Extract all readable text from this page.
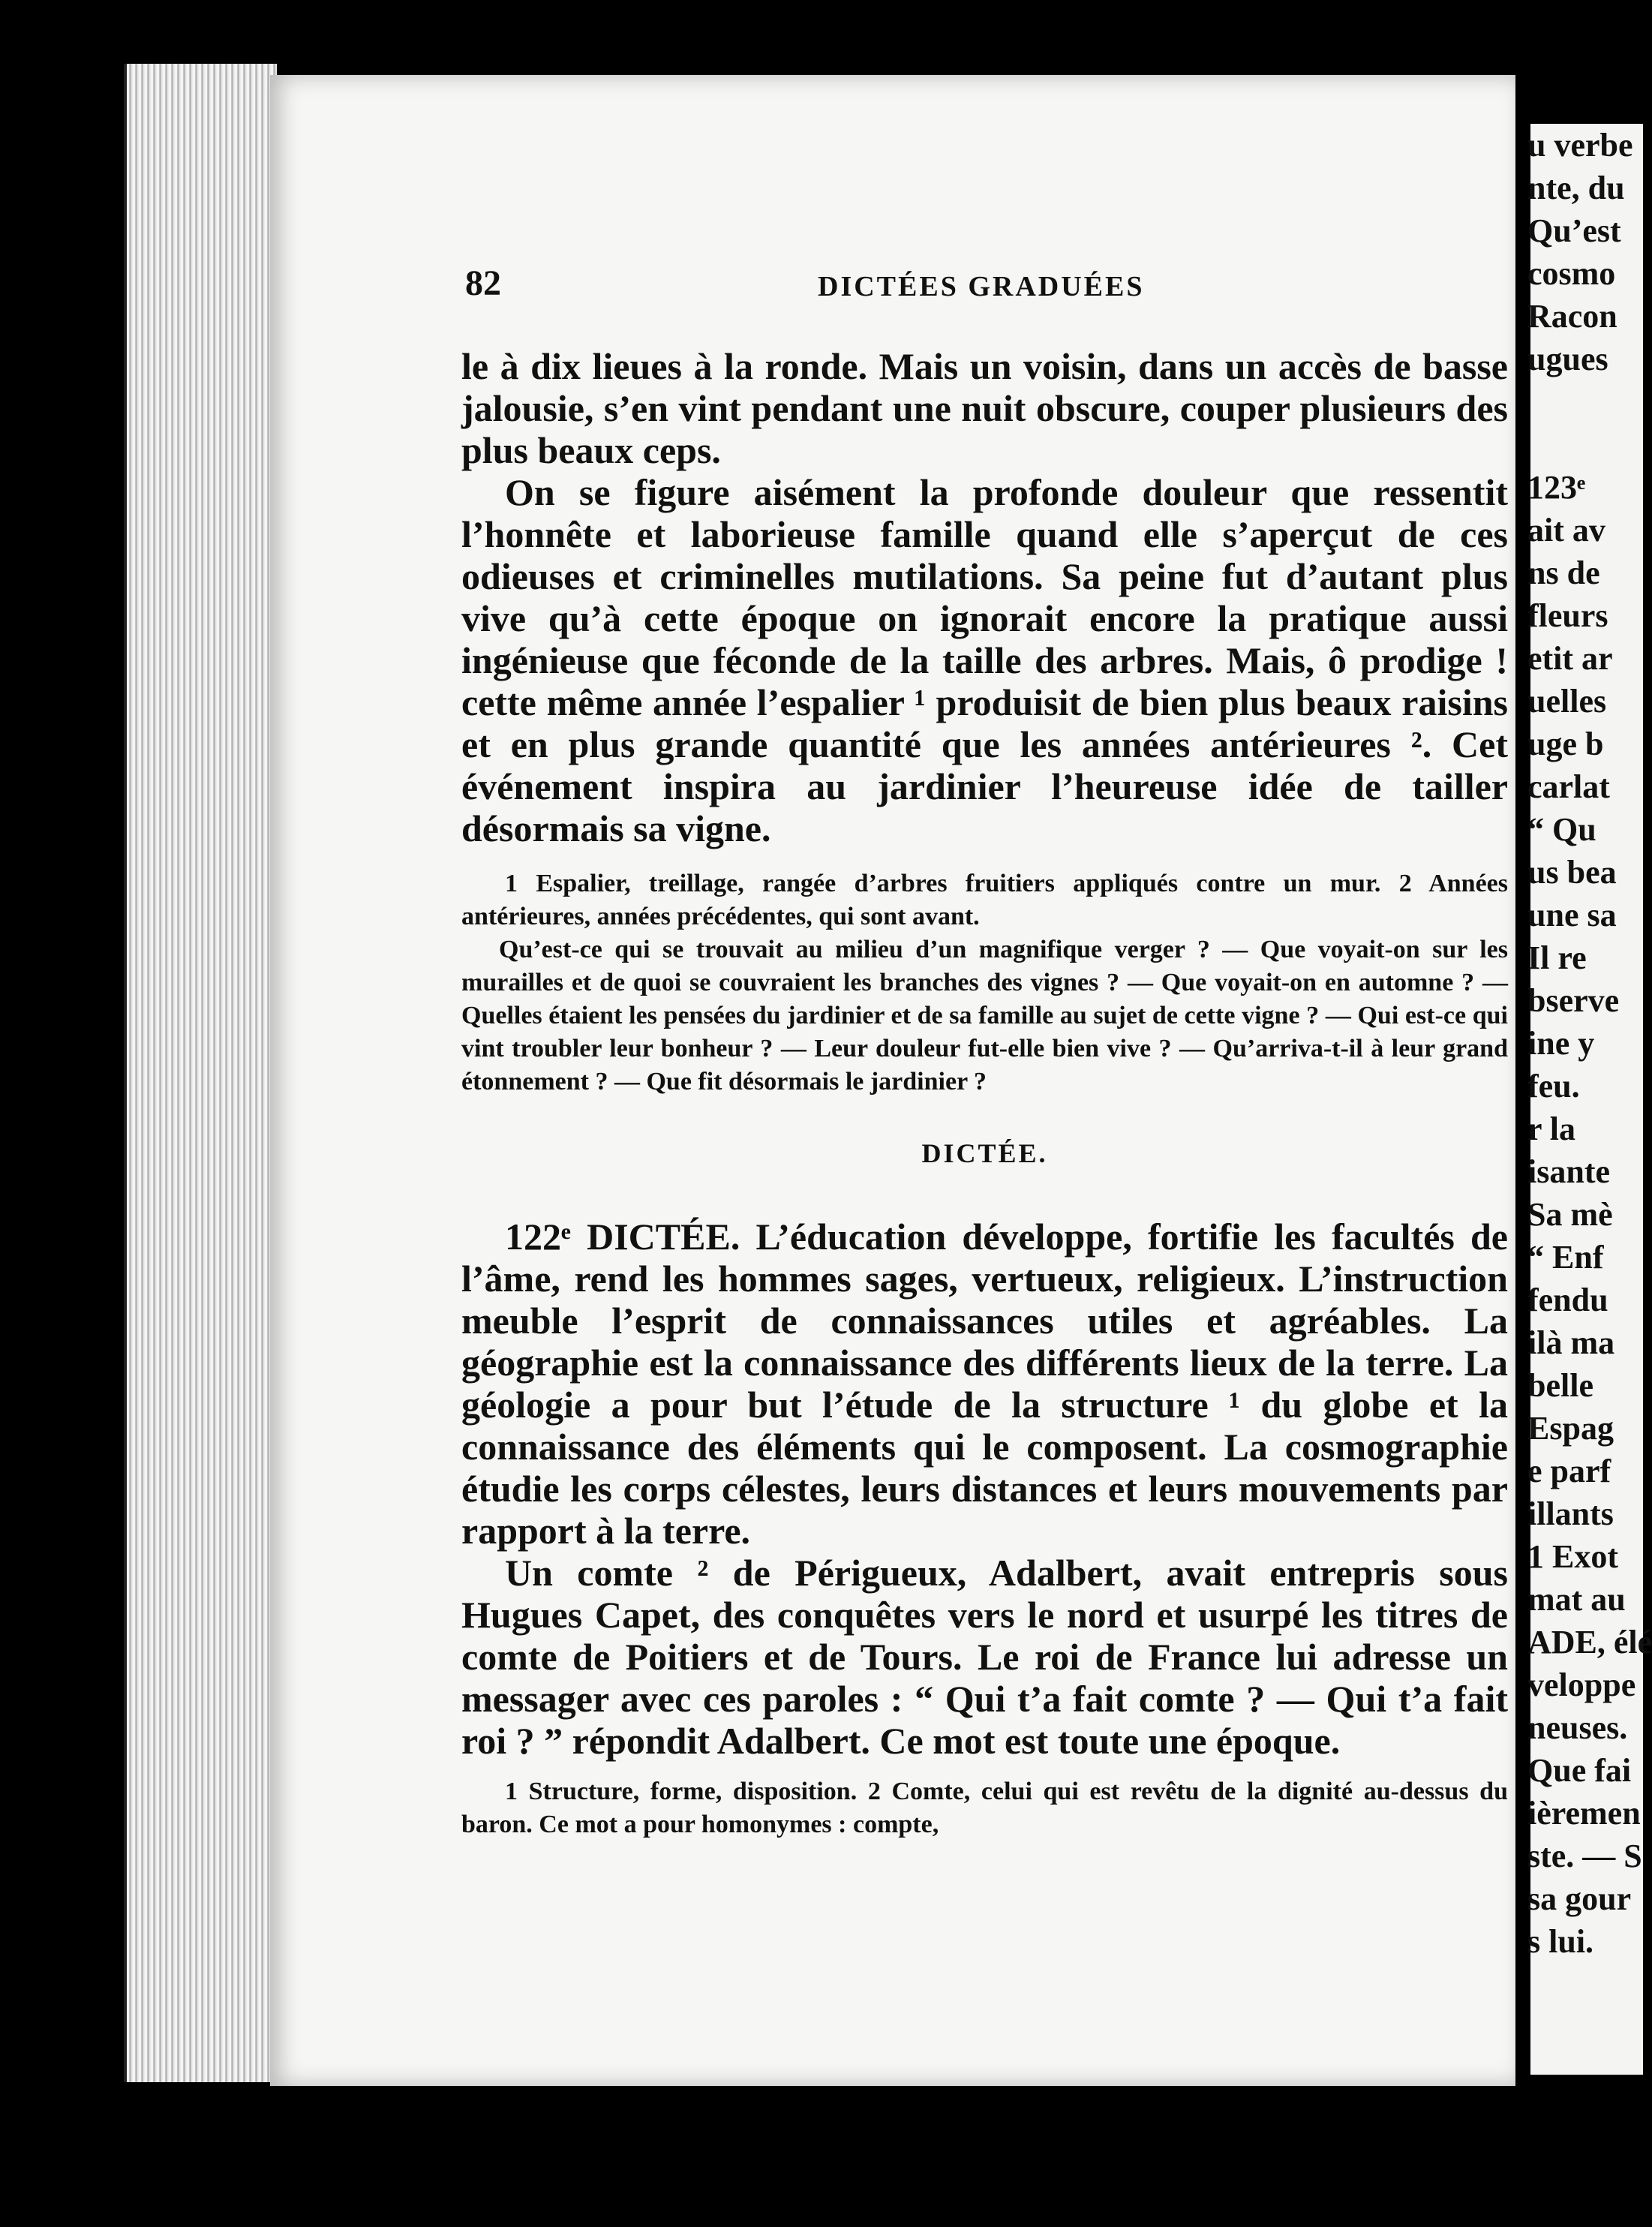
u verbe
nte, du
Qu’est
cosmo
Racon
ugues

123ᵉ
ait av
ns de
fleurs
etit ar
uelles
uge b
carlat
“ Qu
us bea
une sa
Il re
bserve
ine y
feu.
r la
isante
Sa mè
“ Enf
fendu
ilà ma
belle
Espag
e parf
illants
1 Exot
mat au
ADE, élé
veloppe
neuses.
Que fai
ièremen
ste. — S
sa gour
s lui.
82	DICTÉES GRADUÉES

le à dix lieues à la ronde. Mais un voisin, dans un accès de basse jalousie, s’en vint pendant une nuit obscure, couper plusieurs des plus beaux ceps.

On se figure aisément la profonde douleur que ressentit l’honnête et laborieuse famille quand elle s’aperçut de ces odieuses et criminelles mutilations. Sa peine fut d’autant plus vive qu’à cette époque on ignorait encore la pratique aussi ingénieuse que féconde de la taille des arbres. Mais, ô prodige ! cette même année l’espalier ¹ produisit de bien plus beaux raisins et en plus grande quantité que les années antérieures ². Cet événement inspira au jardinier l’heureuse idée de tailler désormais sa vigne.

1 Espalier, treillage, rangée d’arbres fruitiers appliqués contre un mur. 2 Années antérieures, années précédentes, qui sont avant.

Qu’est-ce qui se trouvait au milieu d’un magnifique verger ? — Que voyait-on sur les murailles et de quoi se couvraient les branches des vignes ? — Que voyait-on en automne ? — Quelles étaient les pensées du jardinier et de sa famille au sujet de cette vigne ? — Qui est-ce qui vint troubler leur bonheur ? — Leur douleur fut-elle bien vive ? — Qu’arriva-t-il à leur grand étonnement ? — Que fit désormais le jardinier ?

DICTÉE.

122ᵉ DICTÉE. L’éducation développe, fortifie les facultés de l’âme, rend les hommes sages, vertueux, religieux. L’instruction meuble l’esprit de connaissances utiles et agréables. La géographie est la connaissance des différents lieux de la terre. La géologie a pour but l’étude de la structure ¹ du globe et la connaissance des éléments qui le composent. La cosmographie étudie les corps célestes, leurs distances et leurs mouvements par rapport à la terre.

Un comte ² de Périgueux, Adalbert, avait entrepris sous Hugues Capet, des conquêtes vers le nord et usurpé les titres de comte de Poitiers et de Tours. Le roi de France lui adresse un messager avec ces paroles : “ Qui t’a fait comte ? — Qui t’a fait roi ? ” répondit Adalbert. Ce mot est toute une époque.

1 Structure, forme, disposition. 2 Comte, celui qui est revêtu de la dignité au-dessus du baron. Ce mot a pour homonymes : compte,
